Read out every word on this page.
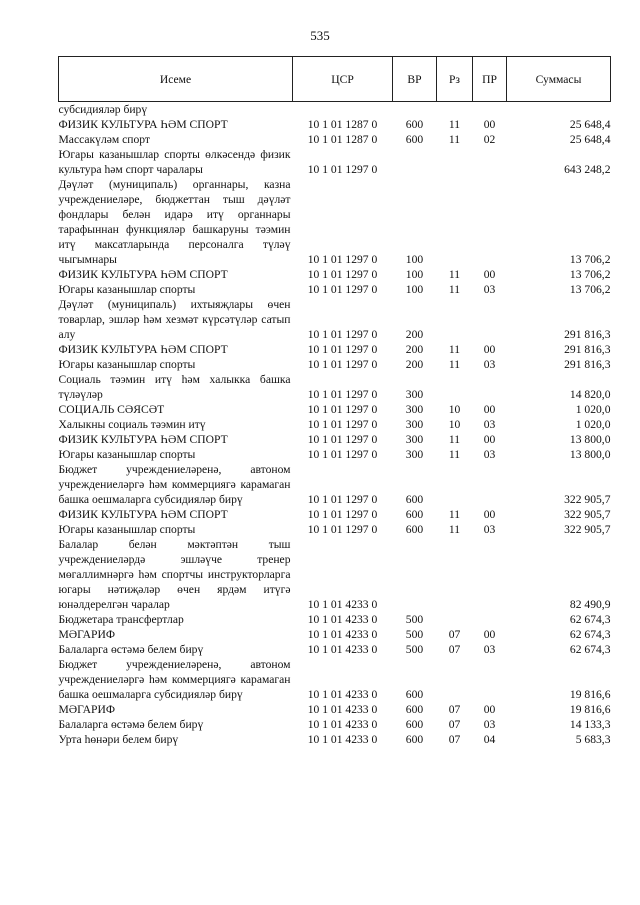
535
Исеме	ЦСР	ВР	Рз	ПР	Суммасы
субсидияләр бирү					
ФИЗИК КУЛЬТУРА ҺӘМ СПОРТ	10 1 01 1287 0	600	11	00	25 648,4
Массакүләм спорт	10 1 01 1287 0	600	11	02	25 648,4
Югары казанышлар спорты өлкәсендә физик культура һәм спорт чаралары	10 1 01 1297 0				643 248,2
Дәүләт (муниципаль) органнары, казна учреждениеләре, бюджеттан тыш дәүләт фондлары белән идарә итү органнары тарафыннан функцияләр башкаруны тәэмин итү максатларында персоналга түләү чыгымнары	10 1 01 1297 0	100			13 706,2
ФИЗИК КУЛЬТУРА ҺӘМ СПОРТ	10 1 01 1297 0	100	11	00	13 706,2
Югары казанышлар спорты	10 1 01 1297 0	100	11	03	13 706,2
Дәүләт (муниципаль) ихтыяҗлары өчен товарлар, эшләр һәм хезмәт күрсәтүләр сатып алу	10 1 01 1297 0	200			291 816,3
ФИЗИК КУЛЬТУРА ҺӘМ СПОРТ	10 1 01 1297 0	200	11	00	291 816,3
Югары казанышлар спорты	10 1 01 1297 0	200	11	03	291 816,3
Социаль тәэмин итү һәм халыкка башка түләүләр	10 1 01 1297 0	300			14 820,0
СОЦИАЛЬ СӘЯСӘТ	10 1 01 1297 0	300	10	00	1 020,0
Халыкны социаль тәэмин итү	10 1 01 1297 0	300	10	03	1 020,0
ФИЗИК КУЛЬТУРА ҺӘМ СПОРТ	10 1 01 1297 0	300	11	00	13 800,0
Югары казанышлар спорты	10 1 01 1297 0	300	11	03	13 800,0
Бюджет учреждениеләренә, автоном учреждениеләргә һәм коммерциягә карамаган башка оешмаларга субсидияләр бирү	10 1 01 1297 0	600			322 905,7
ФИЗИК КУЛЬТУРА ҺӘМ СПОРТ	10 1 01 1297 0	600	11	00	322 905,7
Югары казанышлар спорты	10 1 01 1297 0	600	11	03	322 905,7
Балалар белән мәктәптән тыш учреждениеләрдә эшләүче тренер мөгаллимнәргә һәм спортчы инструкторларга югары нәтиҗәләр өчен ярдәм итүгә юнәлдерелгән чаралар	10 1 01 4233 0				82 490,9
Бюджетара трансфертлар	10 1 01 4233 0	500			62 674,3
МӘГАРИФ	10 1 01 4233 0	500	07	00	62 674,3
Балаларга өстәмә белем бирү	10 1 01 4233 0	500	07	03	62 674,3
Бюджет учреждениеләренә, автоном учреждениеләргә һәм коммерциягә карамаган башка оешмаларга субсидияләр бирү	10 1 01 4233 0	600			19 816,6
МӘГАРИФ	10 1 01 4233 0	600	07	00	19 816,6
Балаларга өстәмә белем бирү	10 1 01 4233 0	600	07	03	14 133,3
Урта һөнәри белем бирү	10 1 01 4233 0	600	07	04	5 683,3
